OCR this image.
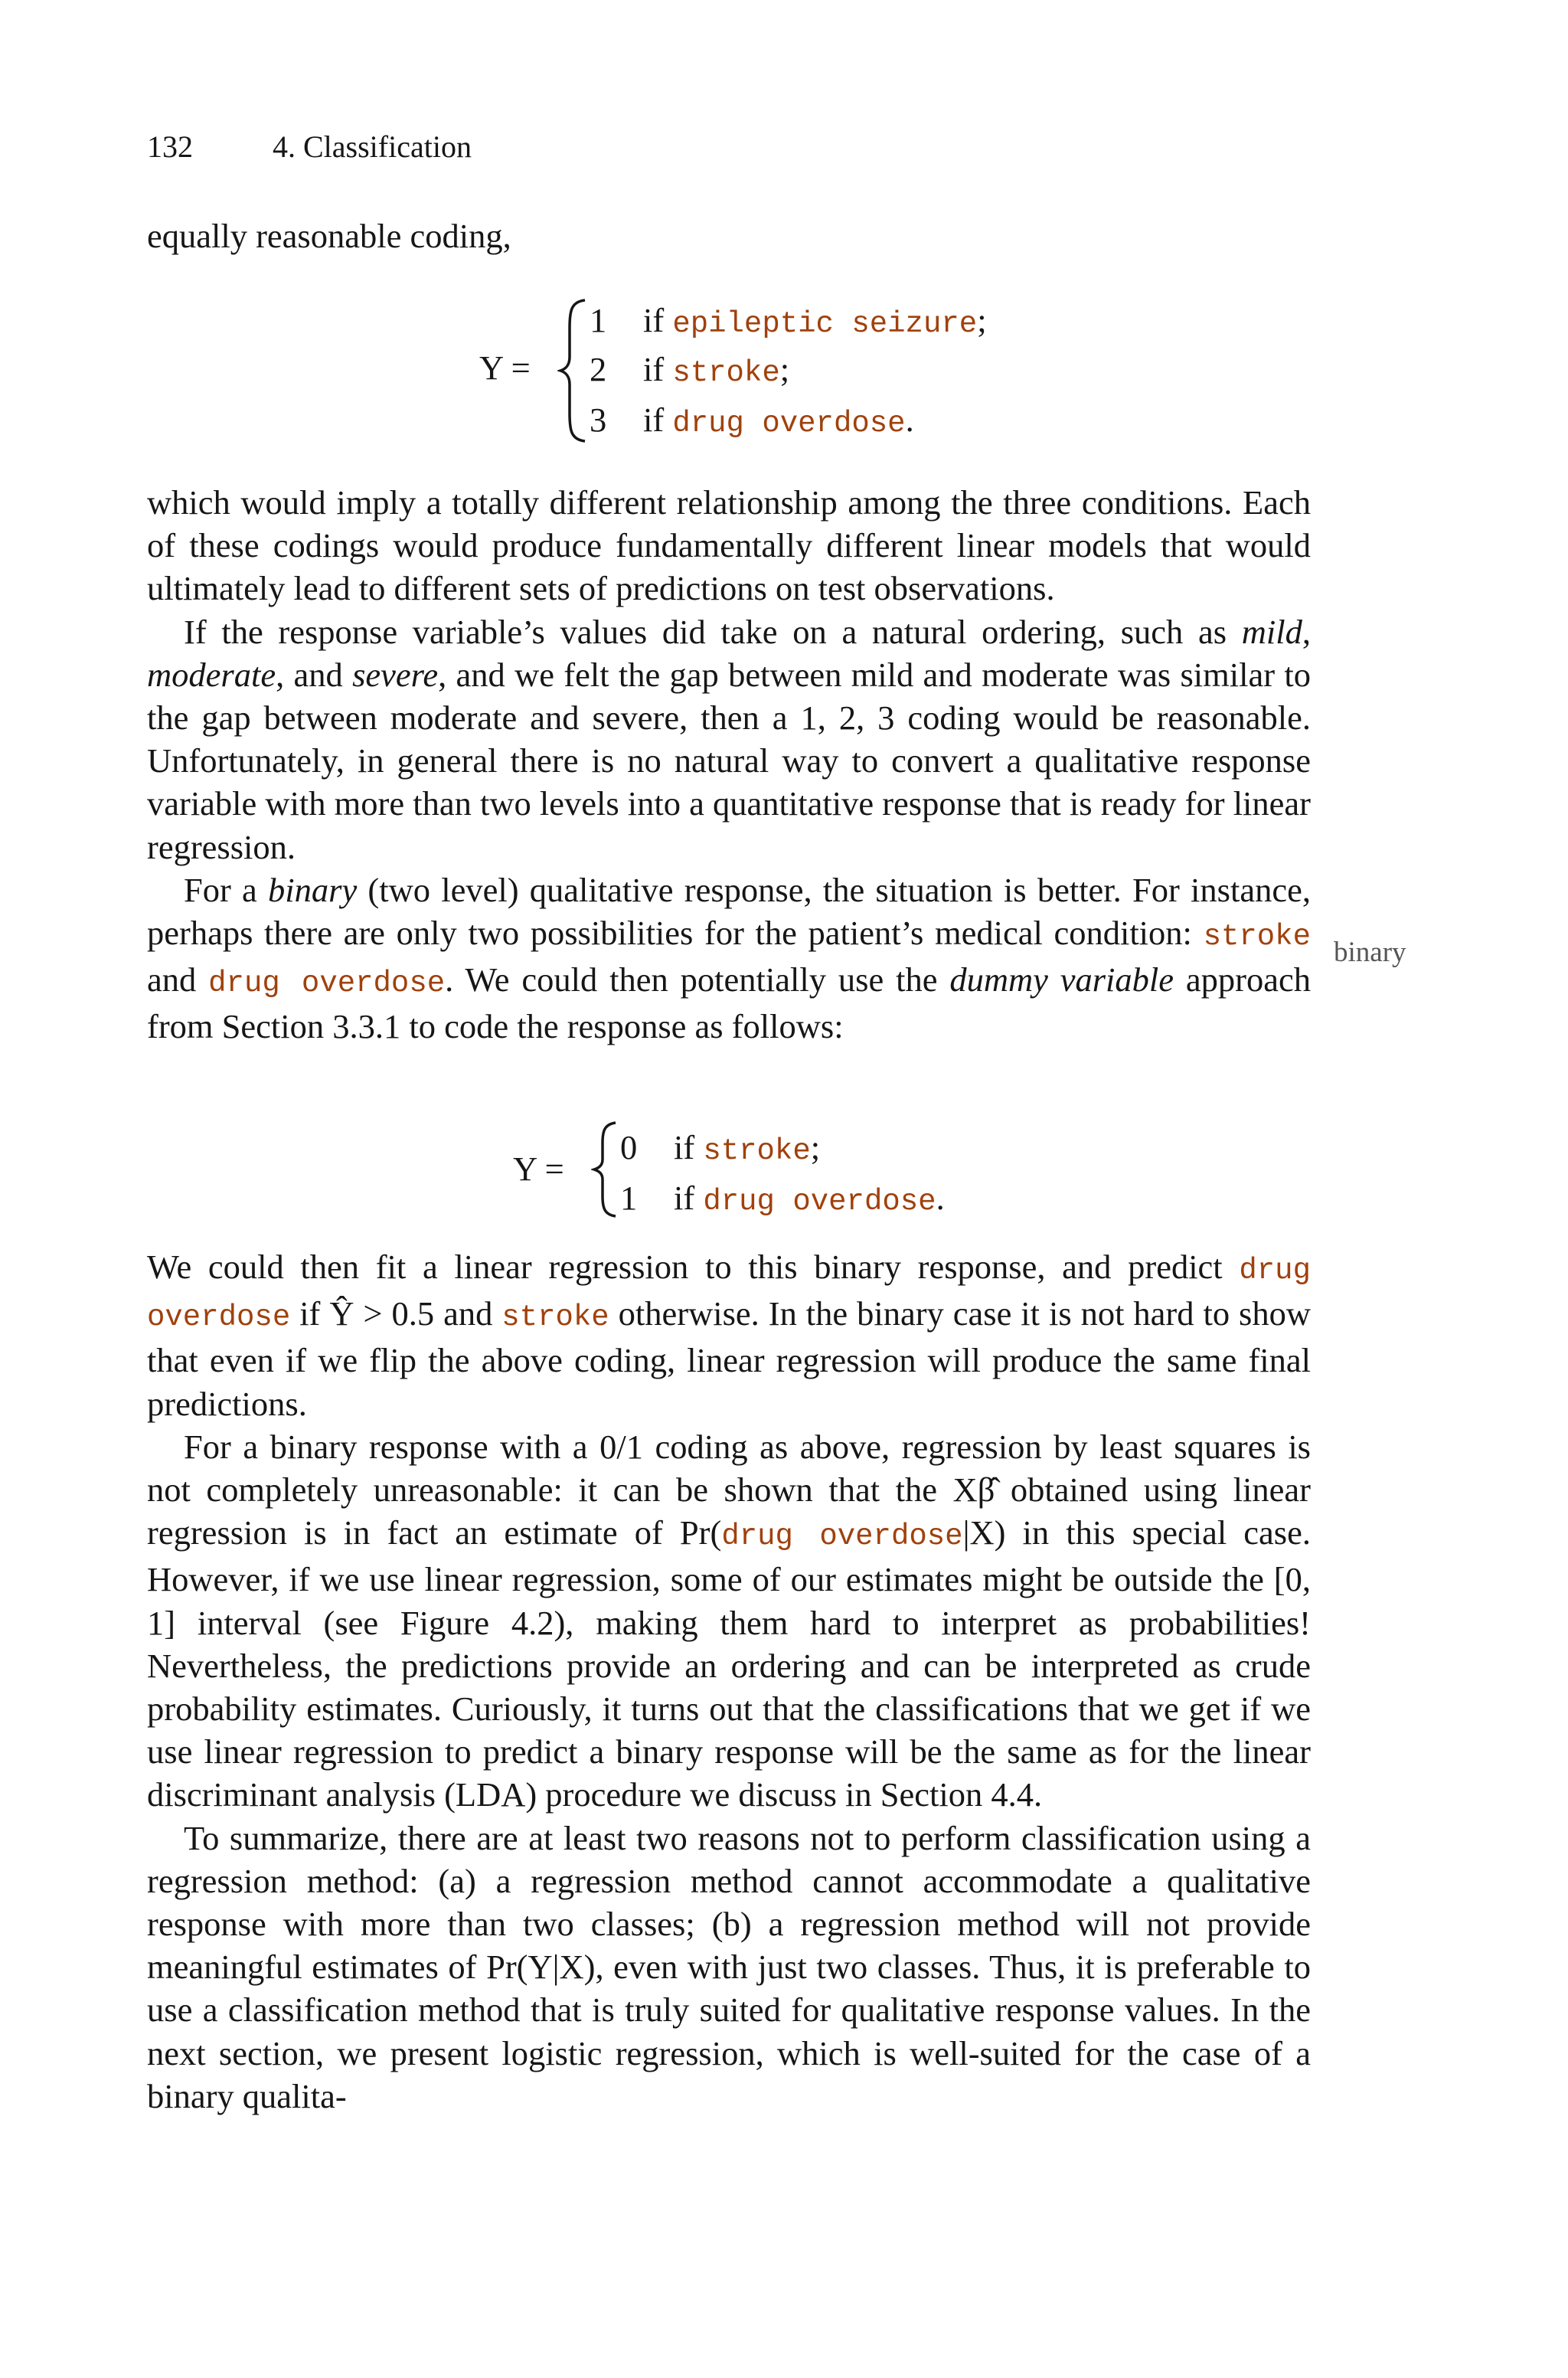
132	4. Classification

equally reasonable coding,

Y =
1 if epileptic seizure;
2 if stroke;
3 if drug overdose.

which would imply a totally different relationship among the three conditions. Each of these codings would produce fundamentally different linear models that would ultimately lead to different sets of predictions on test observations.

If the response variable’s values did take on a natural ordering, such as mild, moderate, and severe, and we felt the gap between mild and moderate was similar to the gap between moderate and severe, then a 1, 2, 3 coding would be reasonable. Unfortunately, in general there is no natural way to convert a qualitative response variable with more than two levels into a quantitative response that is ready for linear regression.

For a binary (two level) qualitative response, the situation is better. For instance, perhaps there are only two possibilities for the patient’s medical condition: stroke and drug overdose. We could then potentially use the dummy variable approach from Section 3.3.1 to code the response as follows:

binary
Y =
0 if stroke;
1 if drug overdose.

We could then fit a linear regression to this binary response, and predict drug overdose if Ŷ > 0.5 and stroke otherwise. In the binary case it is not hard to show that even if we flip the above coding, linear regression will produce the same final predictions.

For a binary response with a 0/1 coding as above, regression by least squares is not completely unreasonable: it can be shown that the Xβ̂ obtained using linear regression is in fact an estimate of Pr(drug overdose|X) in this special case. However, if we use linear regression, some of our estimates might be outside the [0, 1] interval (see Figure 4.2), making them hard to interpret as probabilities! Nevertheless, the predictions provide an ordering and can be interpreted as crude probability estimates. Curiously, it turns out that the classifications that we get if we use linear regression to predict a binary response will be the same as for the linear discriminant analysis (LDA) procedure we discuss in Section 4.4.

To summarize, there are at least two reasons not to perform classification using a regression method: (a) a regression method cannot accommodate a qualitative response with more than two classes; (b) a regression method will not provide meaningful estimates of Pr(Y|X), even with just two classes. Thus, it is preferable to use a classification method that is truly suited for qualitative response values. In the next section, we present logistic regression, which is well-suited for the case of a binary qualita-
